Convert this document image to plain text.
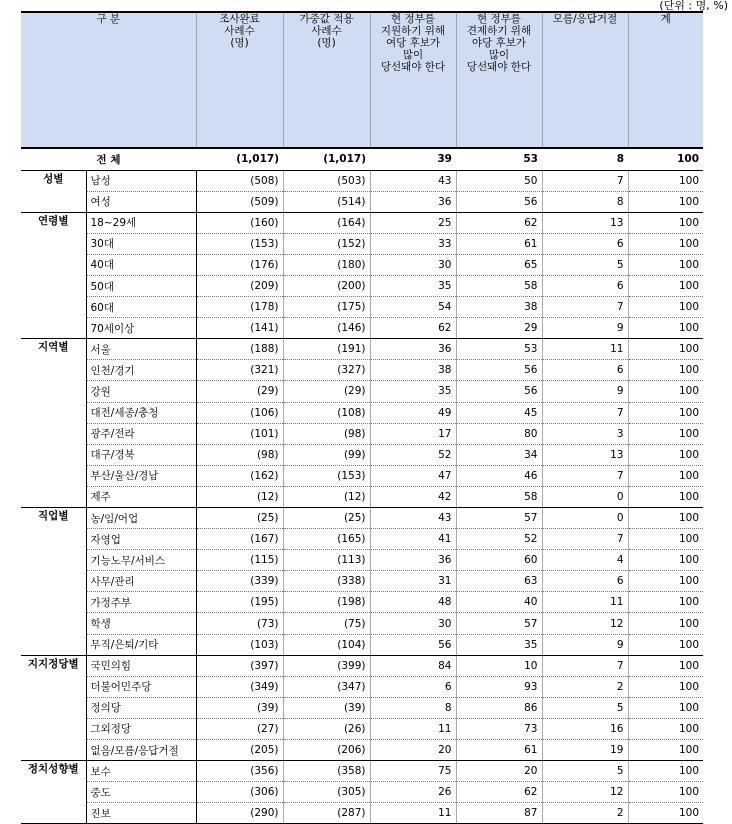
(단위 : 명, %)
구 분		조사완료
사례수
(명)	가중값 적용
사례수
(명)	현 정부를
지원하기 위해
여당 후보가
많이
당선돼야 한다	현 정부를
견제하기 위해
야당 후보가
많이
당선돼야 한다	모름/응답거절	계
전 체		(1,017)	(1,017)	39	53	8	100
성별	남성	(508)	(503)	43	50	7	100
	여성	(509)	(514)	36	56	8	100
연령별	18~29세	(160)	(164)	25	62	13	100
	30대	(153)	(152)	33	61	6	100
	40대	(176)	(180)	30	65	5	100
	50대	(209)	(200)	35	58	6	100
	60대	(178)	(175)	54	38	7	100
	70세이상	(141)	(146)	62	29	9	100
지역별	서울	(188)	(191)	36	53	11	100
	인천/경기	(321)	(327)	38	56	6	100
	강원	(29)	(29)	35	56	9	100
	대전/세종/충청	(106)	(108)	49	45	7	100
	광주/전라	(101)	(98)	17	80	3	100
	대구/경북	(98)	(99)	52	34	13	100
	부산/울산/경남	(162)	(153)	47	46	7	100
	제주	(12)	(12)	42	58	0	100
직업별	농/임/어업	(25)	(25)	43	57	0	100
	자영업	(167)	(165)	41	52	7	100
	기능노무/서비스	(115)	(113)	36	60	4	100
	사무/관리	(339)	(338)	31	63	6	100
	가정주부	(195)	(198)	48	40	11	100
	학생	(73)	(75)	30	57	12	100
	무직/은퇴/기타	(103)	(104)	56	35	9	100
지지정당별	국민의힘	(397)	(399)	84	10	7	100
	더불어민주당	(349)	(347)	6	93	2	100
	정의당	(39)	(39)	8	86	5	100
	그외정당	(27)	(26)	11	73	16	100
	없음/모름/응답거절	(205)	(206)	20	61	19	100
정치성향별	보수	(356)	(358)	75	20	5	100
	중도	(306)	(305)	26	62	12	100
	진보	(290)	(287)	11	87	2	100
